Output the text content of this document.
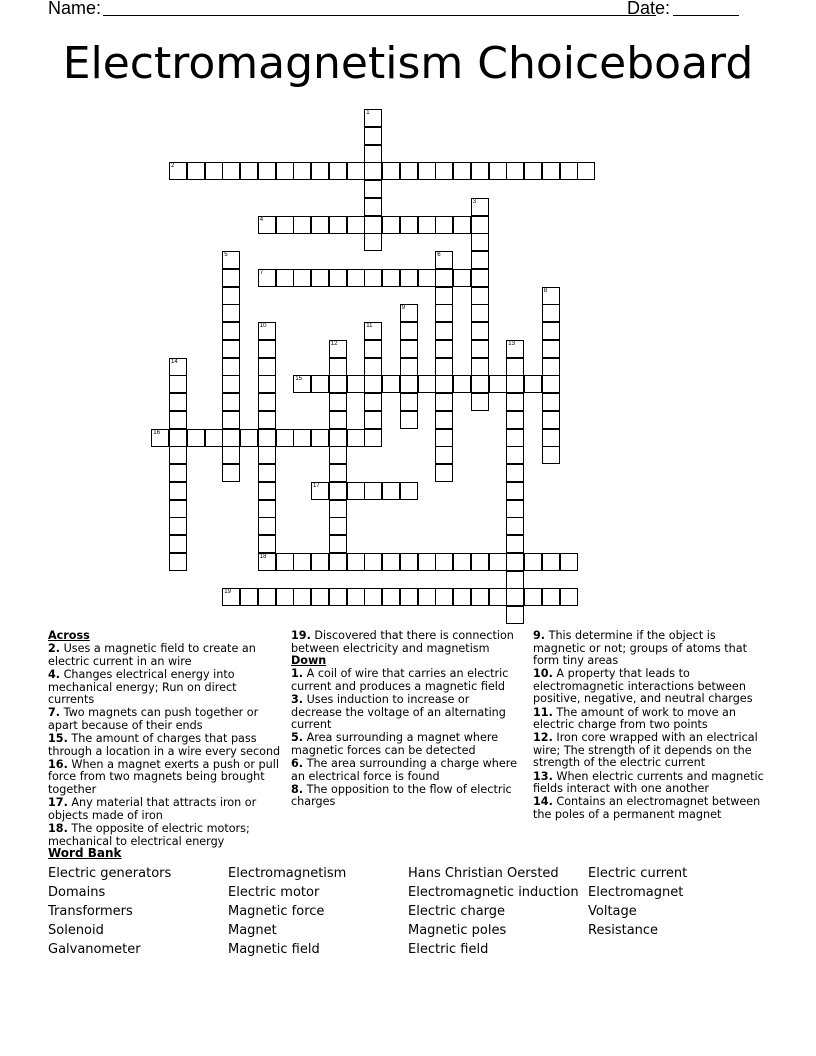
Name:	Date:
Electromagnetism Choiceboard
1
2
3
4
5	6
7
8
9
10
18
11
12	13
14
15
16
17
19
Across
2. Uses a magnetic field to create an electric current in an wire
4. Changes electrical energy into mechanical energy; Run on direct currents
7. Two magnets can push together or apart because of their ends
15. The amount of charges that pass through a location in a wire every second
16. When a magnet exerts a push or pull force from two magnets being brought together
17. Any material that attracts iron or objects made of iron
18. The opposite of electric motors; mechanical to electrical energy
19. Discovered that there is connection between electricity and magnetism
Down
1. A coil of wire that carries an electric current and produces a magnetic field
3. Uses induction to increase or decrease the voltage of an alternating current
5. Area surrounding a magnet where magnetic forces can be detected
6. The area surrounding a charge where an electrical force is found
8. The opposition to the flow of electric charges
9. This determine if the object is magnetic or not; groups of atoms that form tiny areas
10. A property that leads to electromagnetic interactions between positive, negative, and neutral charges
11. The amount of work to move an electric charge from two points
12. Iron core wrapped with an electrical wire; The strength of it depends on the strength of the electric current
13. When electric currents and magnetic fields interact with one another
14. Contains an electromagnet between the poles of a permanent magnet
Word Bank
Electric generators
Domains
Transformers
Solenoid
Galvanometer
Electromagnetism
Electric motor
Magnetic force
Magnet
Magnetic field
Hans Christian Oersted
Electromagnetic induction
Electric charge
Magnetic poles
Electric field
Electric current
Electromagnet
Voltage
Resistance
